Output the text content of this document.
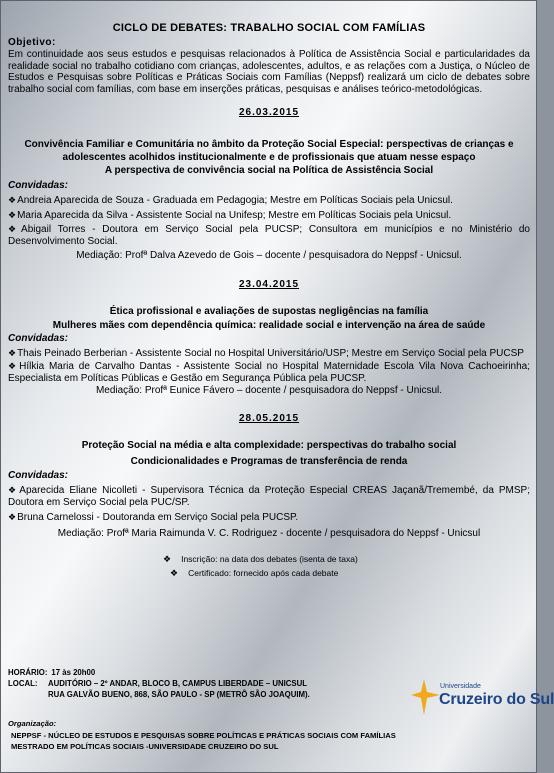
CICLO DE DEBATES: TRABALHO SOCIAL COM FAMÍLIAS
Objetivo:
Em continuidade aos seus estudos e pesquisas relacionados à Política de Assistência Social e particularidades da realidade social no trabalho cotidiano com crianças, adolescentes, adultos, e as relações com a Justiça, o Núcleo de Estudos e Pesquisas sobre Políticas e Práticas Sociais com Famílias (Neppsf) realizará um ciclo de debates sobre trabalho social com famílias, com base em inserções práticas, pesquisas e análises teórico-metodológicas.
26.03.2015
Convivência Familiar e Comunitária no âmbito da Proteção Social Especial: perspectivas de crianças e adolescentes acolhidos institucionalmente e de profissionais que atuam nesse espaço
A perspectiva de convivência social na Política de Assistência Social
Convidadas:
❖Andreia Aparecida de Souza - Graduada em Pedagogia; Mestre em Políticas Sociais pela Unicsul.
❖Maria Aparecida da Silva - Assistente Social na Unifesp; Mestre em Políticas Sociais pela Unicsul.
❖Abigail Torres - Doutora em Serviço Social pela PUCSP; Consultora em municípios e no Ministério do Desenvolvimento Social.
Mediação: Profª Dalva Azevedo de Gois – docente / pesquisadora do Neppsf - Unicsul.
23.04.2015
Ética profissional e avaliações de supostas negligências na família
Mulheres mães com dependência química: realidade social e intervenção na área de saúde
Convidadas:
❖Thais Peinado Berberian - Assistente Social no Hospital Universitário/USP; Mestre em Serviço Social pela PUCSP
❖Hílkia Maria de Carvalho Dantas - Assistente Social no Hospital Maternidade Escola Vila Nova Cachoeirinha; Especialista em Políticas Públicas e Gestão em Segurança Pública pela PUCSP.
Mediação: Profª Eunice Fávero – docente / pesquisadora do Neppsf - Unicsul.
28.05.2015
Proteção Social na média e alta complexidade: perspectivas do trabalho social
Condicionalidades e Programas de transferência de renda
Convidadas:
❖Aparecida Eliane Nicolleti - Supervisora Técnica da Proteção Especial CREAS Jaçanã/Tremembé, da PMSP; Doutora em Serviço Social pela PUC/SP.
❖Bruna Carnelossi - Doutoranda em Serviço Social pela PUCSP.
Mediação: Profª Maria Raimunda V. C. Rodriguez - docente / pesquisadora do Neppsf - Unicsul
❖ Inscrição: na data dos debates (isenta de taxa)
❖ Certificado: fornecido após cada debate
HORÁRIO: 17 às 20h00
LOCAL:	AUDITÓRIO – 2º ANDAR, BLOCO B, CAMPUS LIBERDADE – UNICSUL
RUA GALVÃO BUENO, 868, SÃO PAULO - SP (METRÔ SÃO JOAQUIM).
Organização:
NEPPSF - NÚCLEO DE ESTUDOS E PESQUISAS SOBRE POLÍTICAS E PRÁTICAS SOCIAIS COM FAMÍLIAS
MESTRADO EM POLÍTICAS SOCIAIS -UNIVERSIDADE CRUZEIRO DO SUL
Universidade
Cruzeiro do Sul
